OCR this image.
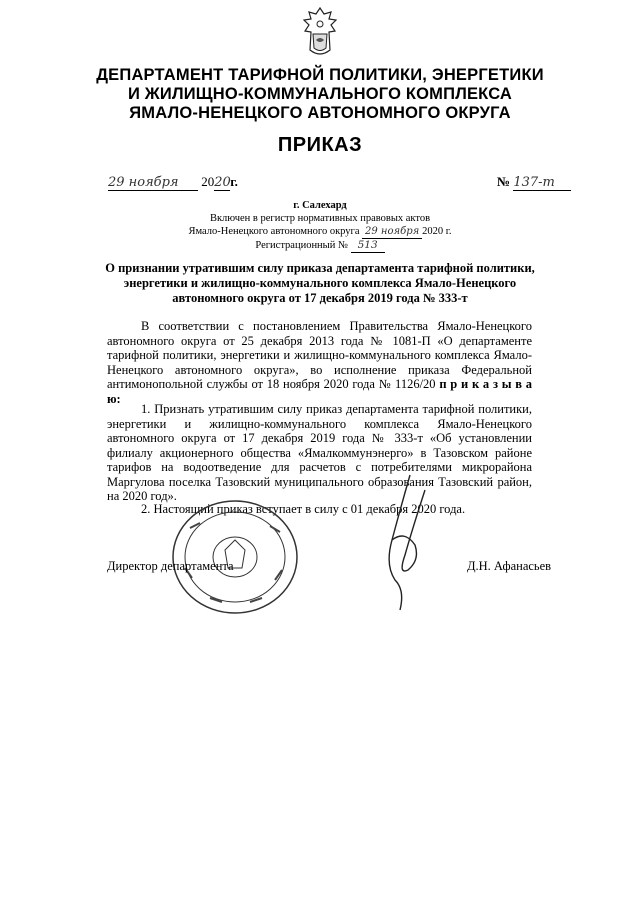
ДЕПАРТАМЕНТ ТАРИФНОЙ ПОЛИТИКИ, ЭНЕРГЕТИКИ
И ЖИЛИЩНО-КОММУНАЛЬНОГО КОМПЛЕКСА
ЯМАЛО-НЕНЕЦКОГО АВТОНОМНОГО ОКРУГА
ПРИКАЗ
29 ноября 2020г.	№ 137-т
г. Салехард
Включен в регистр нормативных правовых актов
Ямало-Ненецкого автономного округа 29 ноября 2020 г.
Регистрационный № 513
О признании утратившим силу приказа департамента тарифной политики,
энергетики и жилищно-коммунального комплекса Ямало-Ненецкого
автономного округа от 17 декабря 2019 года № 333-т
В соответствии с постановлением Правительства Ямало-Ненецкого автономного округа от 25 декабря 2013 года № 1081-П «О департаменте тарифной политики, энергетики и жилищно-коммунального комплекса Ямало-Ненецкого автономного округа», во исполнение приказа Федеральной антимонопольной службы от 18 ноября 2020 года № 1126/20 п р и к а з ы в а ю:
1. Признать утратившим силу приказ департамента тарифной политики, энергетики и жилищно-коммунального комплекса Ямало-Ненецкого автономного округа от 17 декабря 2019 года № 333-т «Об установлении филиалу акционерного общества «Ямалкоммунэнерго» в Тазовском районе тарифов на водоотведение для расчетов с потребителями микрорайона Маргулова поселка Тазовский муниципального образования Тазовский район, на 2020 год».
2. Настоящий приказ вступает в силу с 01 декабря 2020 года.
Директор департамента	Д.Н. Афанасьев
